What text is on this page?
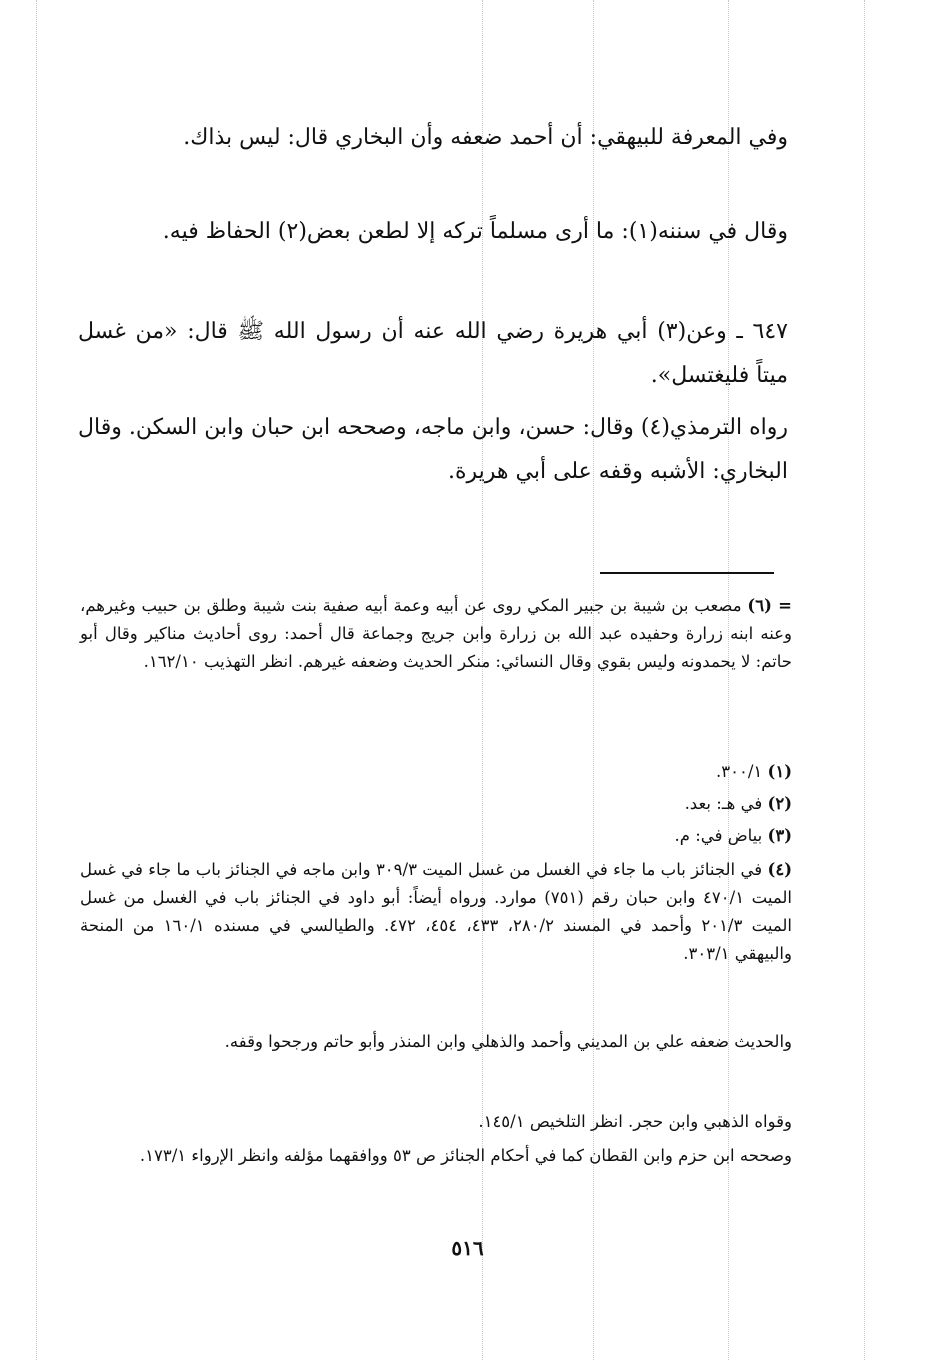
وفي المعرفة للبيهقي: أن أحمد ضعفه وأن البخاري قال: ليس بذاك.

وقال في سننه(١): ما أرى مسلماً تركه إلا لطعن بعض(٢) الحفاظ فيه.

٦٤٧ ـ وعن(٣) أبي هريرة رضي الله عنه أن رسول الله ﷺ قال: «من غسل ميتاً فليغتسل».

رواه الترمذي(٤) وقال: حسن، وابن ماجه، وصححه ابن حبان وابن السكن. وقال البخاري: الأشبه وقفه على أبي هريرة.

= (٦) مصعب بن شيبة بن جبير المكي روى عن أبيه وعمة أبيه صفية بنت شيبة وطلق بن حبيب وغيرهم، وعنه ابنه زرارة وحفيده عبد الله بن زرارة وابن جريج وجماعة قال أحمد: روى أحاديث مناكير وقال أبو حاتم: لا يحمدونه وليس بقوي وقال النسائي: منكر الحديث وضعفه غيرهم. انظر التهذيب ١٦٢/١٠.

(١) ٣٠٠/١.

(٢) في هـ: بعد.

(٣) بياض في: م.

(٤) في الجنائز باب ما جاء في الغسل من غسل الميت ٣٠٩/٣ وابن ماجه في الجنائز باب ما جاء في غسل الميت ٤٧٠/١ وابن حبان رقم (٧٥١) موارد. ورواه أيضاً: أبو داود في الجنائز باب في الغسل من غسل الميت ٢٠١/٣ وأحمد في المسند ٢٨٠/٢، ٤٣٣، ٤٥٤، ٤٧٢. والطيالسي في مسنده ١٦٠/١ من المنحة والبيهقي ٣٠٣/١.

والحديث ضعفه علي بن المديني وأحمد والذهلي وابن المنذر وأبو حاتم ورجحوا وقفه.

وقواه الذهبي وابن حجر. انظر التلخيص ١٤٥/١.

وصححه ابن حزم وابن القطان كما في أحكام الجنائز ص ٥٣ ووافقهما مؤلفه وانظر الإرواء ١٧٣/١.

٥١٦
